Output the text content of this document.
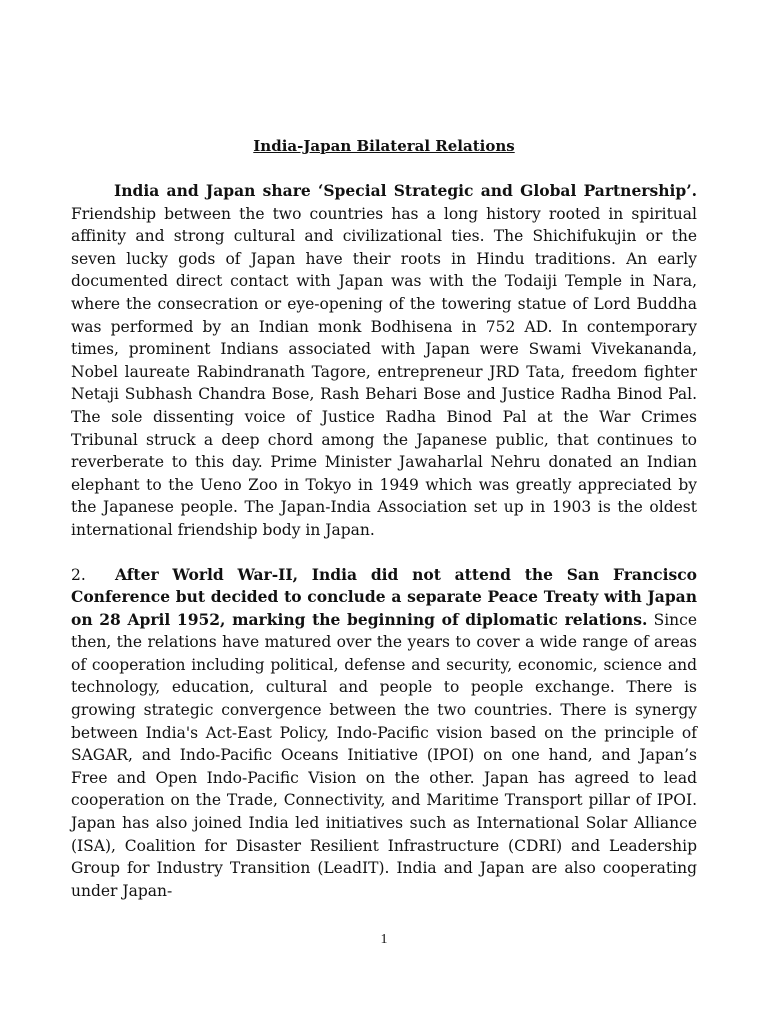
India-Japan Bilateral Relations

India and Japan share ‘Special Strategic and Global Partnership’. Friendship between the two countries has a long history rooted in spiritual affinity and strong cultural and civilizational ties. The Shichifukujin or the seven lucky gods of Japan have their roots in Hindu traditions. An early documented direct contact with Japan was with the Todaiji Temple in Nara, where the consecration or eye-opening of the towering statue of Lord Buddha was performed by an Indian monk Bodhisena in 752 AD. In contemporary times, prominent Indians associated with Japan were Swami Vivekananda, Nobel laureate Rabindranath Tagore, entrepreneur JRD Tata, freedom fighter Netaji Subhash Chandra Bose, Rash Behari Bose and Justice Radha Binod Pal. The sole dissenting voice of Justice Radha Binod Pal at the War Crimes Tribunal struck a deep chord among the Japanese public, that continues to reverberate to this day. Prime Minister Jawaharlal Nehru donated an Indian elephant to the Ueno Zoo in Tokyo in 1949 which was greatly appreciated by the Japanese people. The Japan-India Association set up in 1903 is the oldest international friendship body in Japan.

2. After World War-II, India did not attend the San Francisco Conference but decided to conclude a separate Peace Treaty with Japan on 28 April 1952, marking the beginning of diplomatic relations. Since then, the relations have matured over the years to cover a wide range of areas of cooperation including political, defense and security, economic, science and technology, education, cultural and people to people exchange. There is growing strategic convergence between the two countries. There is synergy between India's Act-East Policy, Indo-Pacific vision based on the principle of SAGAR, and Indo-Pacific Oceans Initiative (IPOI) on one hand, and Japan’s Free and Open Indo-Pacific Vision on the other. Japan has agreed to lead cooperation on the Trade, Connectivity, and Maritime Transport pillar of IPOI. Japan has also joined India led initiatives such as International Solar Alliance (ISA), Coalition for Disaster Resilient Infrastructure (CDRI) and Leadership Group for Industry Transition (LeadIT). India and Japan are also cooperating under Japan-

1
